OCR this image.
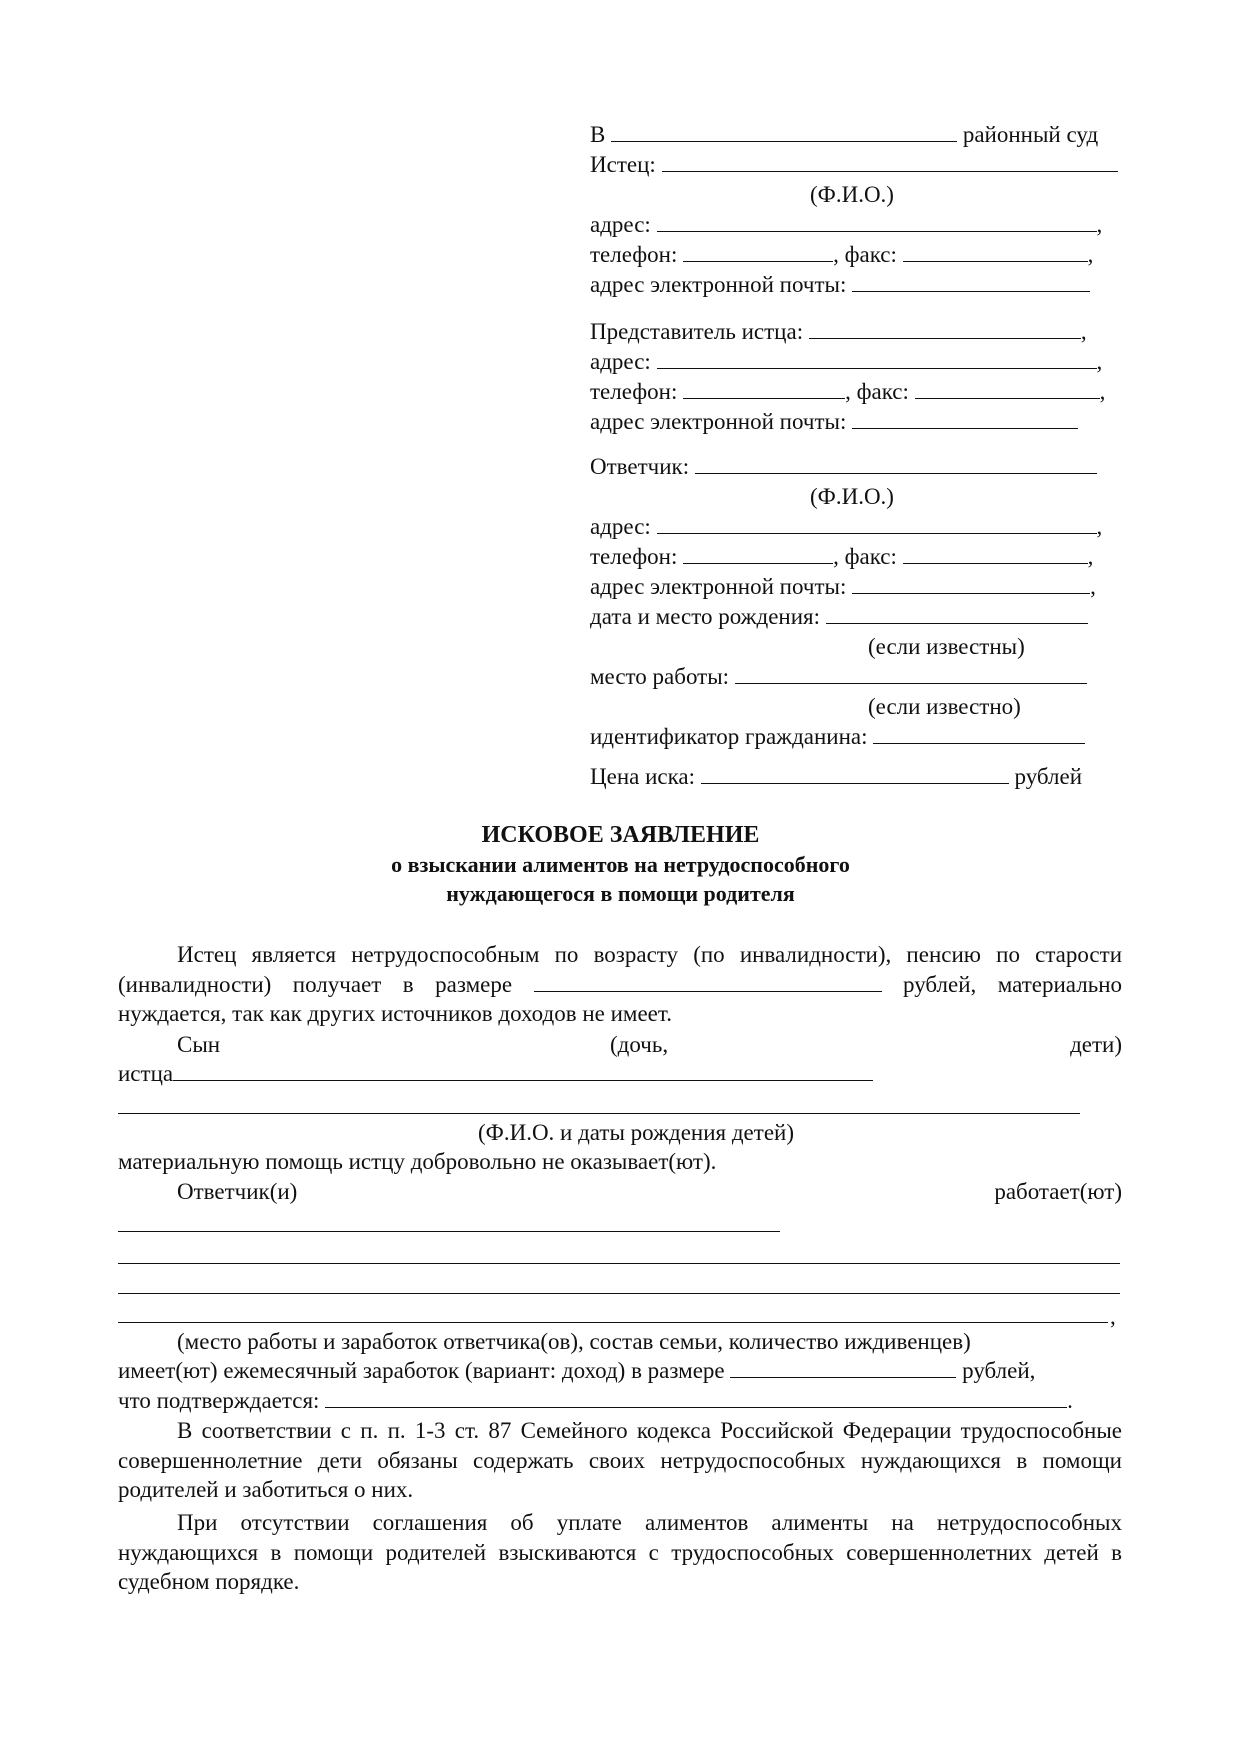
В	районный суд
Истец:
(Ф.И.О.)
адрес:	,
телефон:	, факс:	,
адрес электронной почты:
Представитель истца:	,
адрес:	,
телефон:	, факс:	,
адрес электронной почты:
Ответчик:
(Ф.И.О.)
адрес:	,
телефон:	, факс:	,
адрес электронной почты:	,
дата и место рождения:
(если известны)
место работы:
(если известно)
идентификатор гражданина:
Цена иска:	рублей
ИСКОВОЕ ЗАЯВЛЕНИЕ
о взыскании алиментов на нетрудоспособного
нуждающегося в помощи родителя
Истец является нетрудоспособным по возрасту (по инвалидности), пенсию по старости (инвалидности) получает в размере	рублей, материально нуждается, так как других источников доходов не имеет.
Сын	(дочь,	дети)
истца
(Ф.И.О. и даты рождения детей)
материальную помощь истцу добровольно не оказывает(ют).
Ответчик(и)	работает(ют)
,
(место работы и заработок ответчика(ов), состав семьи, количество иждивенцев)
имеет(ют) ежемесячный заработок (вариант: доход) в размере	рублей,
что подтверждается:	.
В соответствии с п. п. 1-3 ст. 87 Семейного кодекса Российской Федерации трудоспособные совершеннолетние дети обязаны содержать своих нетрудоспособных нуждающихся в помощи родителей и заботиться о них.
При отсутствии соглашения об уплате алиментов алименты на нетрудоспособных нуждающихся в помощи родителей взыскиваются с трудоспособных совершеннолетних детей в судебном порядке.
